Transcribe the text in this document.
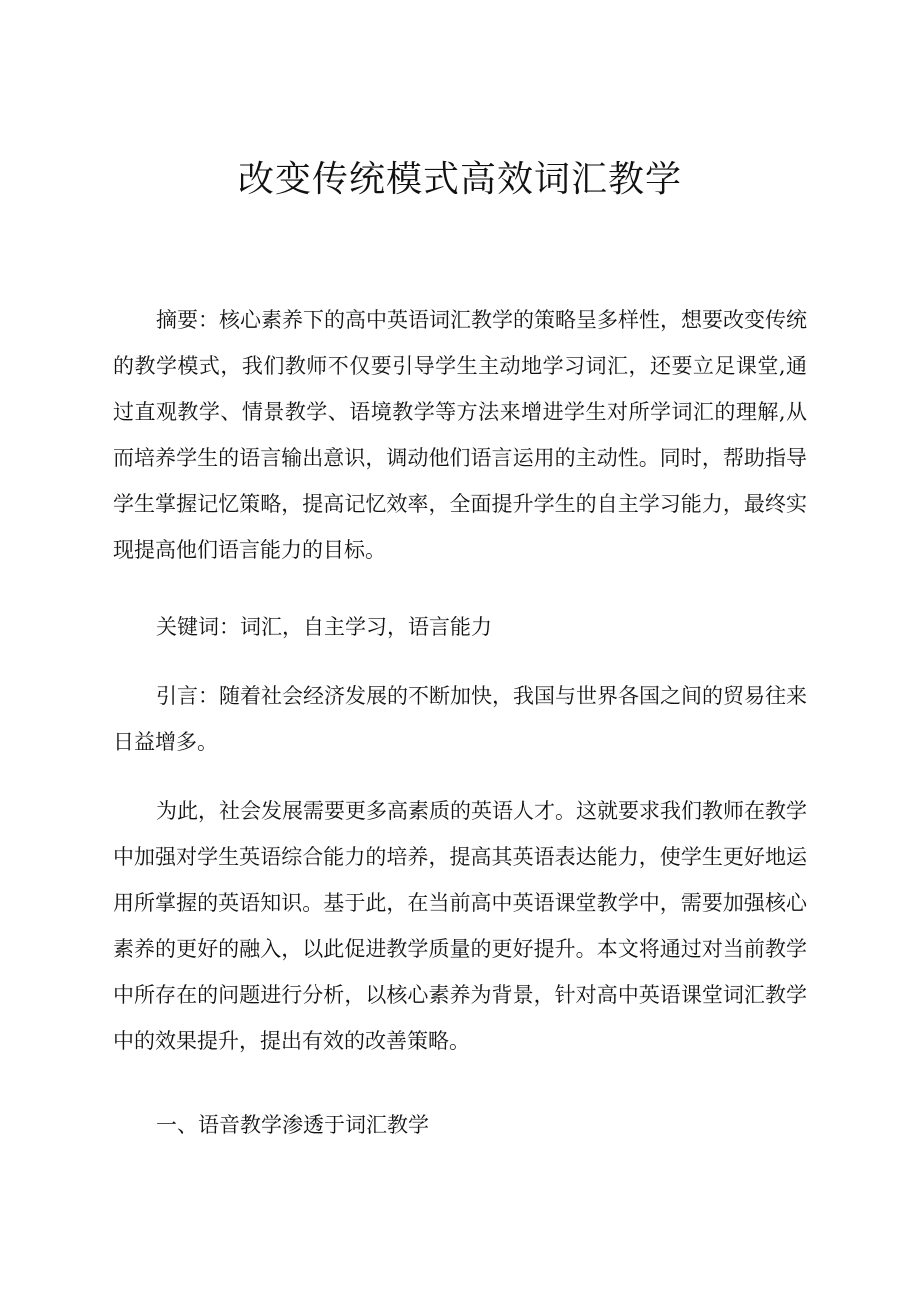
改变传统模式高效词汇教学

摘要：核心素养下的高中英语词汇教学的策略呈多样性，想要改变传统的教学模式，我们教师不仅要引导学生主动地学习词汇，还要立足课堂,通过直观教学、情景教学、语境教学等方法来增进学生对所学词汇的理解,从而培养学生的语言输出意识，调动他们语言运用的主动性。同时，帮助指导学生掌握记忆策略，提高记忆效率，全面提升学生的自主学习能力，最终实现提高他们语言能力的目标。

关键词：词汇，自主学习，语言能力

引言：随着社会经济发展的不断加快，我国与世界各国之间的贸易往来日益增多。

为此，社会发展需要更多高素质的英语人才。这就要求我们教师在教学中加强对学生英语综合能力的培养，提高其英语表达能力，使学生更好地运用所掌握的英语知识。基于此，在当前高中英语课堂教学中，需要加强核心素养的更好的融入，以此促进教学质量的更好提升。本文将通过对当前教学中所存在的问题进行分析，以核心素养为背景，针对高中英语课堂词汇教学中的效果提升，提出有效的改善策略。

一、语音教学渗透于词汇教学
